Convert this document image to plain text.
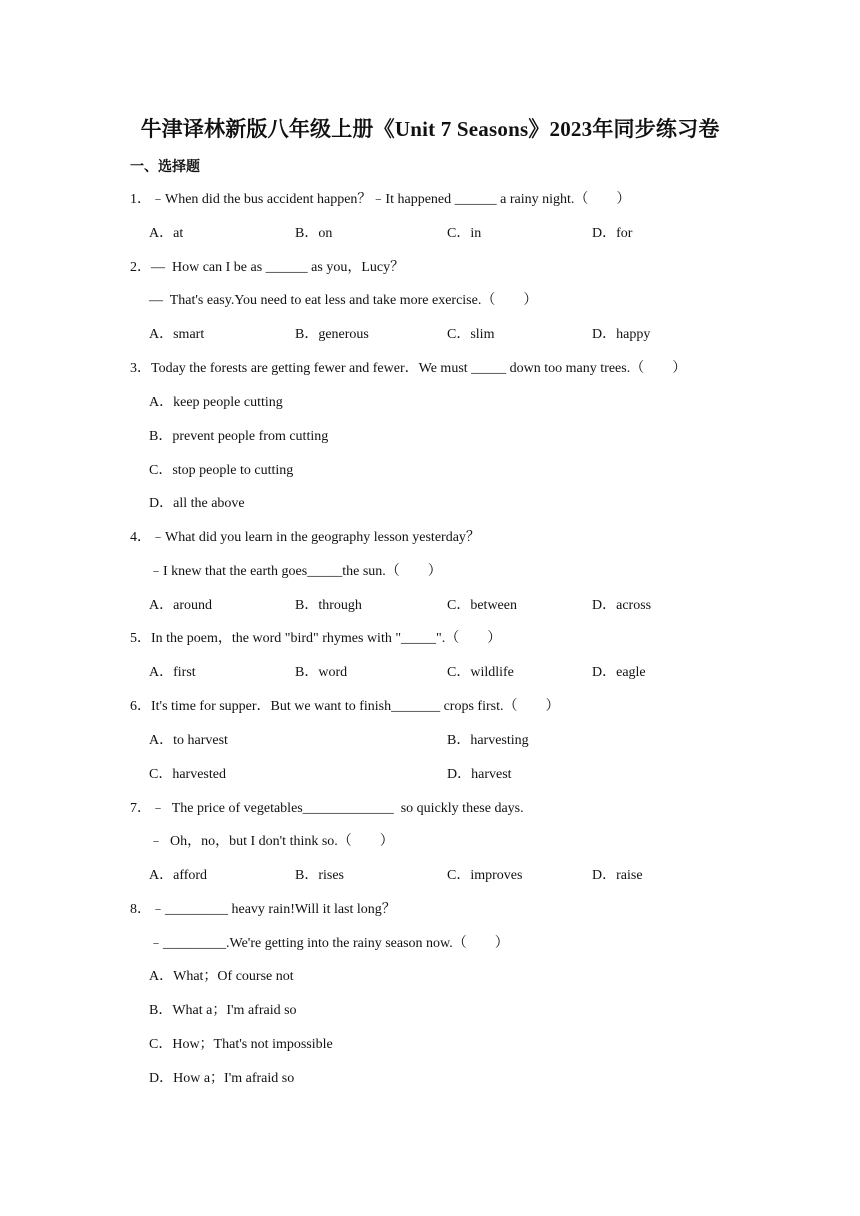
牛津译林新版八年级上册《Unit 7 Seasons》2023年同步练习卷
一、选择题
1．﹣When did the bus accident happen？﹣It happened ______ a rainy night.（　　）
A．at	B．on	C．in	D．for
2．—  How can I be as ______ as you，Lucy？
—  That's easy.You need to eat less and take more exercise.（　　）
A．smart	B．generous	C．slim	D．happy
3．Today the forests are getting fewer and fewer．We must _____ down too many trees.（　　）
A．keep people cutting
B．prevent people from cutting
C．stop people to cutting
D．all the above
4．﹣What did you learn in the geography lesson yesterday？
﹣I knew that the earth goes_____the sun.（　　）
A．around	B．through	C．between	D．across
5．In the poem，the word "bird" rhymes with "_____".（　　）
A．first	B．word	C．wildlife	D．eagle
6．It's time for supper．But we want to finish_______ crops first.（　　）
A．to harvest	B．harvesting
C．harvested	D．harvest
7．﹣  The price of vegetables_____________  so quickly these days.
﹣  Oh，no，but I don't think so.（　　）
A．afford	B．rises	C．improves	D．raise
8．﹣_________ heavy rain!Will it last long？
﹣_________.We're getting into the rainy season now.（　　）
A．What；Of course not
B．What a；I'm afraid so
C．How；That's not impossible
D．How a；I'm afraid so
